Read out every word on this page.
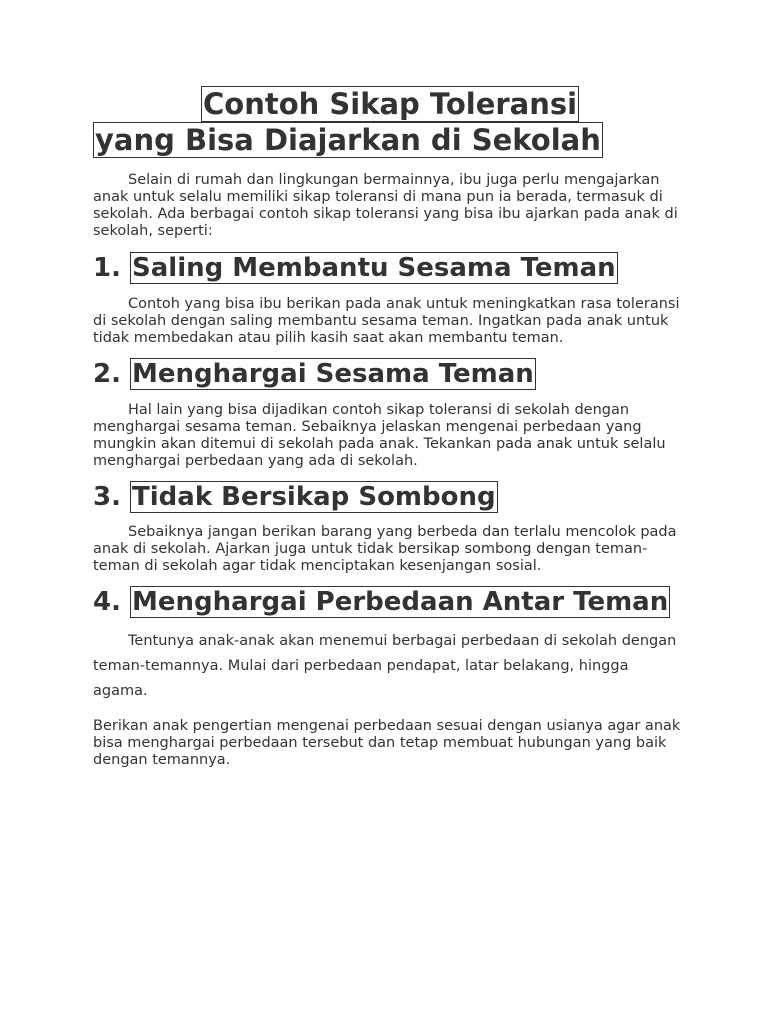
Contoh Sikap Toleransi
yang Bisa Diajarkan di Sekolah

Selain di rumah dan lingkungan bermainnya, ibu juga perlu mengajarkan anak untuk selalu memiliki sikap toleransi di mana pun ia berada, termasuk di sekolah. Ada berbagai contoh sikap toleransi yang bisa ibu ajarkan pada anak di sekolah, seperti:

1. Saling Membantu Sesama Teman

Contoh yang bisa ibu berikan pada anak untuk meningkatkan rasa toleransi di sekolah dengan saling membantu sesama teman. Ingatkan pada anak untuk tidak membedakan atau pilih kasih saat akan membantu teman.

2. Menghargai Sesama Teman

Hal lain yang bisa dijadikan contoh sikap toleransi di sekolah dengan menghargai sesama teman. Sebaiknya jelaskan mengenai perbedaan yang mungkin akan ditemui di sekolah pada anak. Tekankan pada anak untuk selalu menghargai perbedaan yang ada di sekolah.

3. Tidak Bersikap Sombong

Sebaiknya jangan berikan barang yang berbeda dan terlalu mencolok pada anak di sekolah. Ajarkan juga untuk tidak bersikap sombong dengan teman-teman di sekolah agar tidak menciptakan kesenjangan sosial.

4. Menghargai Perbedaan Antar Teman

Tentunya anak-anak akan menemui berbagai perbedaan di sekolah dengan teman-temannya. Mulai dari perbedaan pendapat, latar belakang, hingga agama.

Berikan anak pengertian mengenai perbedaan sesuai dengan usianya agar anak bisa menghargai perbedaan tersebut dan tetap membuat hubungan yang baik dengan temannya.
